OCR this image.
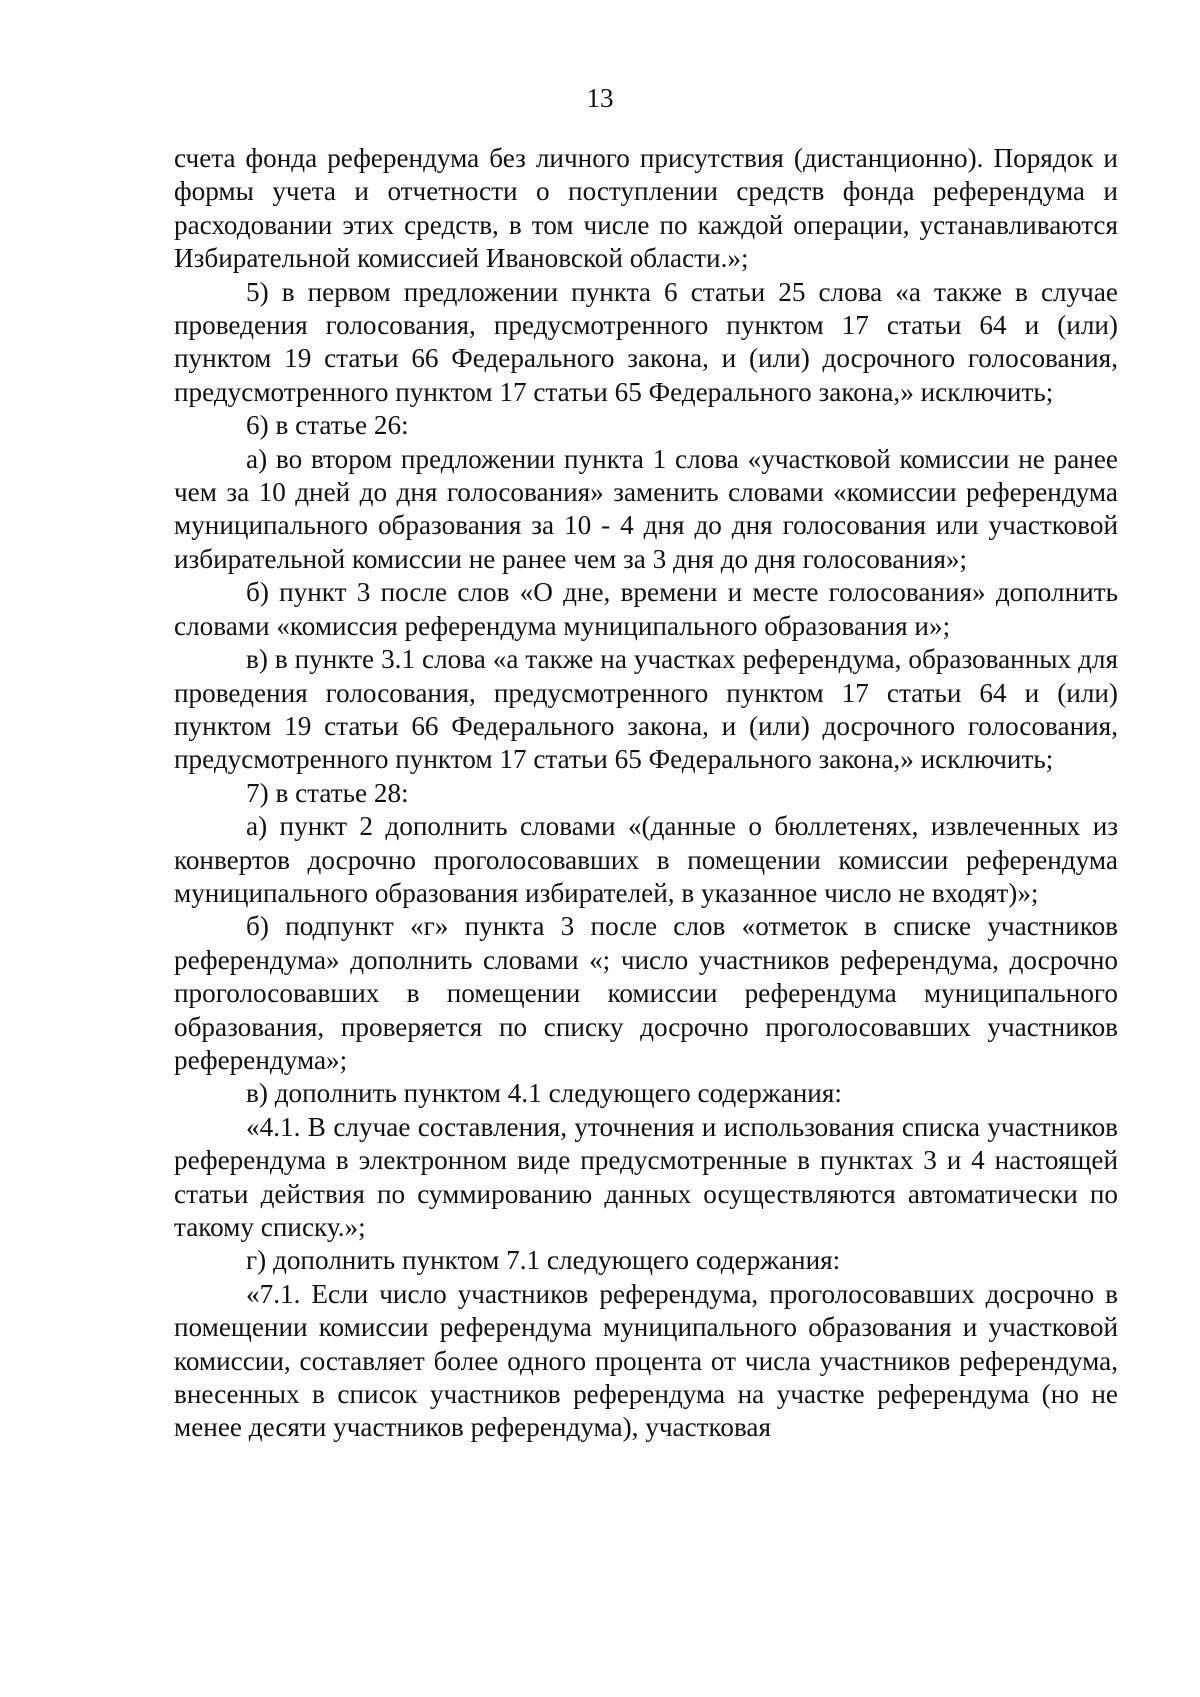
13

счета фонда референдума без личного присутствия (дистанционно). Порядок и формы учета и отчетности о поступлении средств фонда референдума и расходовании этих средств, в том числе по каждой операции, устанавливаются Избирательной комиссией Ивановской области.»;

5) в первом предложении пункта 6 статьи 25 слова «а также в случае проведения голосования, предусмотренного пунктом 17 статьи 64 и (или) пунктом 19 статьи 66 Федерального закона, и (или) досрочного голосования, предусмотренного пунктом 17 статьи 65 Федерального закона,» исключить;

6) в статье 26:

а) во втором предложении пункта 1 слова «участковой комиссии не ранее чем за 10 дней до дня голосования» заменить словами «комиссии референдума муниципального образования за 10 - 4 дня до дня голосования или участковой избирательной комиссии не ранее чем за 3 дня до дня голосования»;

б) пункт 3 после слов «О дне, времени и месте голосования» дополнить словами «комиссия референдума муниципального образования и»;

в) в пункте 3.1 слова «а также на участках референдума, образованных для проведения голосования, предусмотренного пунктом 17 статьи 64 и (или) пунктом 19 статьи 66 Федерального закона, и (или) досрочного голосования, предусмотренного пунктом 17 статьи 65 Федерального закона,» исключить;

7) в статье 28:

а) пункт 2 дополнить словами «(данные о бюллетенях, извлеченных из конвертов досрочно проголосовавших в помещении комиссии референдума муниципального образования избирателей, в указанное число не входят)»;

б) подпункт «г» пункта 3 после слов «отметок в списке участников референдума» дополнить словами «; число участников референдума, досрочно проголосовавших в помещении комиссии референдума муниципального образования, проверяется по списку досрочно проголосовавших участников референдума»;

в) дополнить пунктом 4.1 следующего содержания:

«4.1. В случае составления, уточнения и использования списка участников референдума в электронном виде предусмотренные в пунктах 3 и 4 настоящей статьи действия по суммированию данных осуществляются автоматически по такому списку.»;

г) дополнить пунктом 7.1 следующего содержания:

«7.1. Если число участников референдума, проголосовавших досрочно в помещении комиссии референдума муниципального образования и участковой комиссии, составляет более одного процента от числа участников референдума, внесенных в список участников референдума на участке референдума (но не менее десяти участников референдума), участковая
